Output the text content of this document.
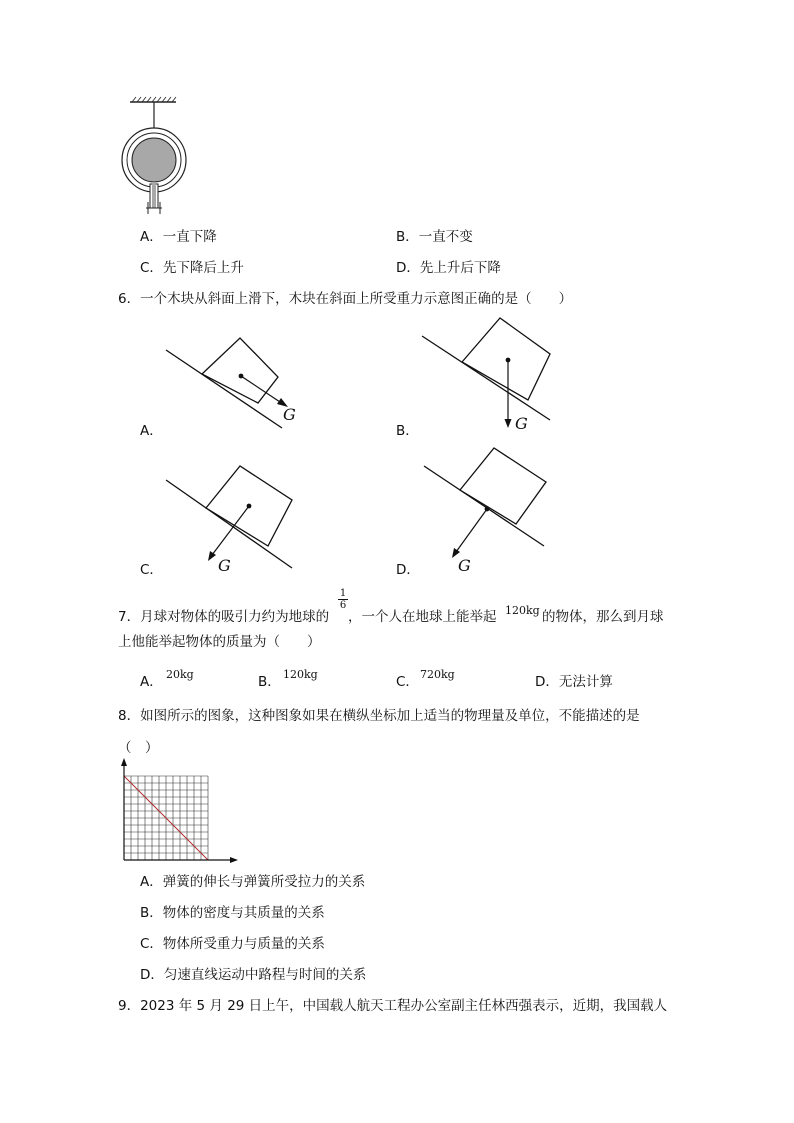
A．一直下降	B．一直不变
C．先下降后上升	D．先上升后下降
6．一个木块从斜面上滑下，木块在斜面上所受重力示意图正确的是（　　）
G
A．	G
B．
G
C．	G
D．
7．月球对物体的吸引力约为地球的
$\frac{1}{6}$
，一个人在地球上能举起 120kg 的物体，那么到月球
上他能举起物体的质量为（　　）
A． 20kg	B． 120kg	C． 720kg	D．无法计算
8．如图所示的图象，这种图象如果在横纵坐标加上适当的物理量及单位，不能描述的是
（　）
A．弹簧的伸长与弹簧所受拉力的关系
B．物体的密度与其质量的关系
C．物体所受重力与质量的关系
D．匀速直线运动中路程与时间的关系
9．2023 年 5 月 29 日上午，中国载人航天工程办公室副主任林西强表示，近期，我国载人
